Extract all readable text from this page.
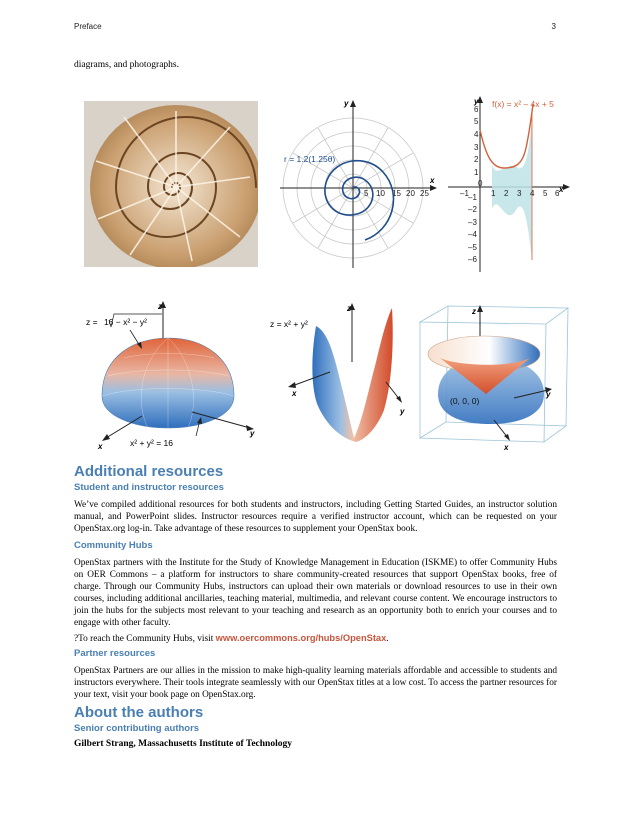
Preface	3
diagrams, and photographs.
y
x
5 10 15 20 25
r = 1.2(1.25θ)
y
x
–1
0
1 2 3 4 5 6
6
5
4
3
2
1
–1
–2
–3
–4
–5
–6
f(x) = x² – 4x + 5
z
y
x
z = 16 − x² − y²
x² + y² = 16
z
x
y
z = x² + y²
z
y
x
(0, 0, 0)
Additional resources
Student and instructor resources

We’ve compiled additional resources for both students and instructors, including Getting Started Guides, an instructor solution manual, and PowerPoint slides. Instructor resources require a verified instructor account, which can be requested on your OpenStax.org log-in. Take advantage of these resources to supplement your OpenStax book.

Community Hubs

OpenStax partners with the Institute for the Study of Knowledge Management in Education (ISKME) to offer Community Hubs on OER Commons – a platform for instructors to share community-created resources that support OpenStax books, free of charge. Through our Community Hubs, instructors can upload their own materials or download resources to use in their own courses, including additional ancillaries, teaching material, multimedia, and relevant course content. We encourage instructors to join the hubs for the subjects most relevant to your teaching and research as an opportunity both to enrich your courses and to engage with other faculty.

?To reach the Community Hubs, visit www.oercommons.org/hubs/OpenStax.

Partner resources

OpenStax Partners are our allies in the mission to make high-quality learning materials affordable and accessible to students and instructors everywhere. Their tools integrate seamlessly with our OpenStax titles at a low cost. To access the partner resources for your text, visit your book page on OpenStax.org.

About the authors
Senior contributing authors

Gilbert Strang, Massachusetts Institute of Technology
